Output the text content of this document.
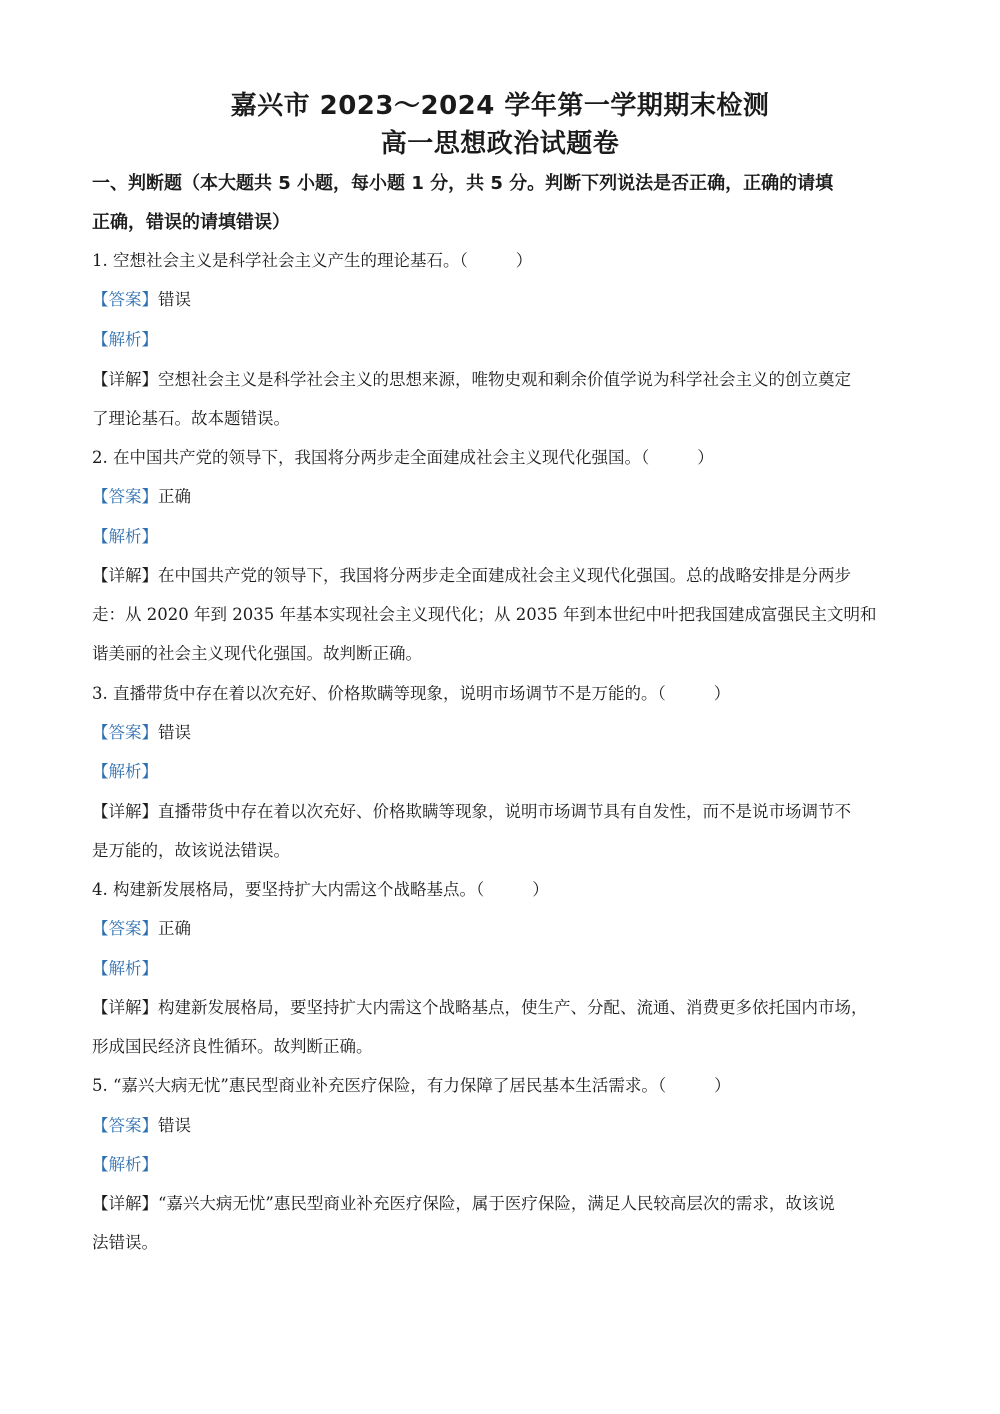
嘉兴市 2023～2024 学年第一学期期末检测
高一思想政治试题卷
一、判断题（本大题共 5 小题，每小题 1 分，共 5 分。判断下列说法是否正确，正确的请填
正确，错误的请填错误）
1. 空想社会主义是科学社会主义产生的理论基石。（	）
【答案】错误
【解析】
【详解】空想社会主义是科学社会主义的思想来源，唯物史观和剩余价值学说为科学社会主义的创立奠定
了理论基石。故本题错误。
2. 在中国共产党的领导下，我国将分两步走全面建成社会主义现代化强国。（	）
【答案】正确
【解析】
【详解】在中国共产党的领导下，我国将分两步走全面建成社会主义现代化强国。总的战略安排是分两步
走：从 2020 年到 2035 年基本实现社会主义现代化；从 2035 年到本世纪中叶把我国建成富强民主文明和
谐美丽的社会主义现代化强国。故判断正确。
3. 直播带货中存在着以次充好、价格欺瞒等现象，说明市场调节不是万能的。（	）
【答案】错误
【解析】
【详解】直播带货中存在着以次充好、价格欺瞒等现象，说明市场调节具有自发性，而不是说市场调节不
是万能的，故该说法错误。
4. 构建新发展格局，要坚持扩大内需这个战略基点。（	）
【答案】正确
【解析】
【详解】构建新发展格局，要坚持扩大内需这个战略基点，使生产、分配、流通、消费更多依托国内市场，
形成国民经济良性循环。故判断正确。
5. “嘉兴大病无忧”惠民型商业补充医疗保险，有力保障了居民基本生活需求。（	）
【答案】错误
【解析】
【详解】“嘉兴大病无忧”惠民型商业补充医疗保险，属于医疗保险，满足人民较高层次的需求，故该说
法错误。
